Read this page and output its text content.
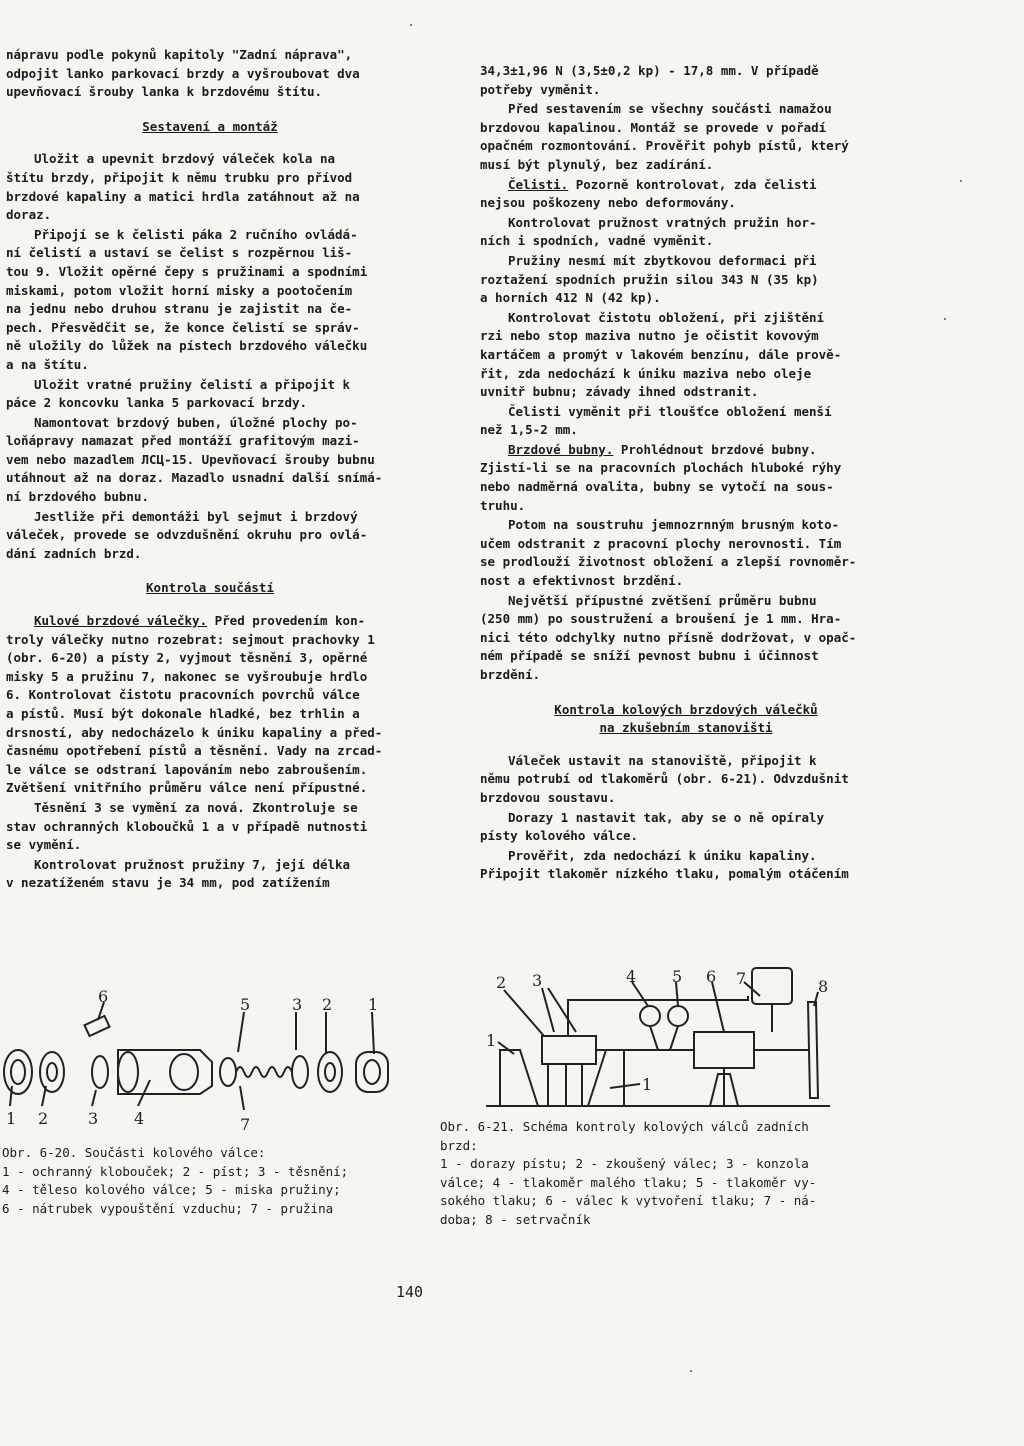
nápravu podle pokynů kapitoly "Zadní náprava",
odpojit lanko parkovací brzdy a vyšroubovat dva
upevňovací šrouby lanka k brzdovému štítu.

Sestavení a montáž

Uložit a upevnit brzdový váleček kola na
štítu brzdy, připojit k němu trubku pro přívod
brzdové kapaliny a matici hrdla zatáhnout až na
doraz.

Připojí se k čelisti páka 2 ručního ovládá-
ní čelistí a ustaví se čelist s rozpěrnou liš-
tou 9. Vložit opěrné čepy s pružinami a spodními
miskami, potom vložit horní misky a pootočením
na jednu nebo druhou stranu je zajistit na če-
pech. Přesvědčit se, že konce čelistí se správ-
ně uložily do lůžek na pístech brzdového válečku
a na štítu.

Uložit vratné pružiny čelistí a připojit k
páce 2 koncovku lanka 5 parkovací brzdy.

Namontovat brzdový buben, úložné plochy po-
loňápravy namazat před montáží grafitovým mazi-
vem nebo mazadlem ЛСЦ-15. Upevňovací šrouby bubnu
utáhnout až na doraz. Mazadlo usnadní další snímá-
ní brzdového bubnu.

Jestliže při demontáži byl sejmut i brzdový
váleček, provede se odvzdušnění okruhu pro ovlá-
dání zadních brzd.

Kontrola součástí

Kulové brzdové válečky. Před provedením kon-
troly válečky nutno rozebrat: sejmout prachovky 1
(obr. 6-20) a písty 2, vyjmout těsnění 3, opěrné
misky 5 a pružinu 7, nakonec se vyšroubuje hrdlo
6. Kontrolovat čistotu pracovních povrchů válce
a pístů. Musí být dokonale hladké, bez trhlin a
drsností, aby nedocházelo k úniku kapaliny a před-
časnému opotřebení pístů a těsnění. Vady na zrcad-
le válce se odstraní lapováním nebo zabroušením.
Zvětšení vnitřního průměru válce není přípustné.

Těsnění 3 se vymění za nová. Zkontroluje se
stav ochranných kloboučků 1 a v případě nutnosti
se vymění.

Kontrolovat pružnost pružiny 7, její délka
v nezatíženém stavu je 34 mm, pod zatížením

34,3±1,96 N (3,5±0,2 kp) - 17,8 mm. V případě
potřeby vyměnit.

Před sestavením se všechny součásti namažou
brzdovou kapalinou. Montáž se provede v pořadí
opačném rozmontování. Prověřit pohyb pístů, který
musí být plynulý, bez zadírání.

Čelisti. Pozorně kontrolovat, zda čelisti
nejsou poškozeny nebo deformovány.

Kontrolovat pružnost vratných pružin hor-
ních i spodních, vadné vyměnit.

Pružiny nesmí mít zbytkovou deformaci při
roztažení spodních pružin silou 343 N (35 kp)
a horních 412 N (42 kp).

Kontrolovat čistotu obložení, při zjištění
rzi nebo stop maziva nutno je očistit kovovým
kartáčem a promýt v lakovém benzínu, dále prově-
řit, zda nedochází k úniku maziva nebo oleje
uvnitř bubnu; závady ihned odstranit.

Čelisti vyměnit při tloušťce obložení menší
než 1,5-2 mm.

Brzdové bubny. Prohlédnout brzdové bubny.
Zjistí-li se na pracovních plochách hluboké rýhy
nebo nadměrná ovalita, bubny se vytočí na sous-
truhu.

Potom na soustruhu jemnozrnným brusným koto-
učem odstranit z pracovní plochy nerovnosti. Tím
se prodlouží životnost obložení a zlepší rovnoměr-
nost a efektivnost brzdění.

Největší přípustné zvětšení průměru bubnu
(250 mm) po soustružení a broušení je 1 mm. Hra-
nici této odchylky nutno přísně dodržovat, v opač-
ném případě se sníží pevnost bubnu i účinnost
brzdění.

Kontrola kolových brzdových válečků
na zkušebním stanovišti

Váleček ustavit na stanoviště, připojit k
němu potrubí od tlakoměrů (obr. 6-21). Odvzdušnit
brzdovou soustavu.

Dorazy 1 nastavit tak, aby se o ně opíraly
písty kolového válce.

Prověřit, zda nedochází k úniku kapaliny.
Připojit tlakoměr nízkého tlaku, pomalým otáčením

6	5	3 2 1
1 2 3 4	7
2 3	4 5 6 7	8
1
1
Obr. 6-20. Součásti kolového válce:
1 - ochranný klobouček; 2 - píst; 3 - těsnění;
4 - těleso kolového válce; 5 - miska pružiny;
6 - nátrubek vypouštění vzduchu; 7 - pružina
Obr. 6-21. Schéma kontroly kolových válců zadních
brzd:
1 - dorazy pístu; 2 - zkoušený válec; 3 - konzola
válce; 4 - tlakoměr malého tlaku; 5 - tlakoměr vy-
sokého tlaku; 6 - válec k vytvoření tlaku; 7 - ná-
doba; 8 - setrvačník
140
